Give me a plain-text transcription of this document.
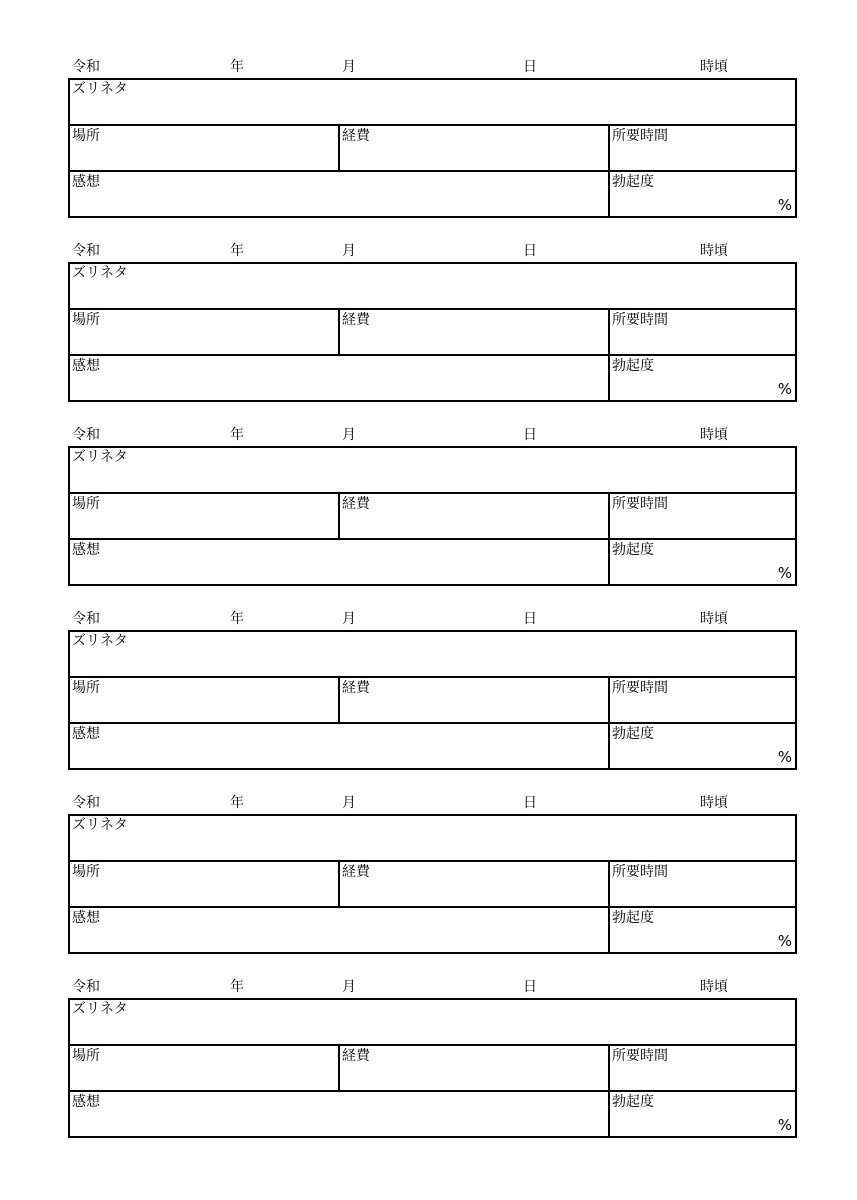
令和	年	月	日	時頃
ズリネタ
場所	経費	所要時間
感想	勃起度
%
令和	年	月	日	時頃
ズリネタ
場所	経費	所要時間
感想	勃起度
%
令和	年	月	日	時頃
ズリネタ
場所	経費	所要時間
感想	勃起度
%
令和	年	月	日	時頃
ズリネタ
場所	経費	所要時間
感想	勃起度
%
令和	年	月	日	時頃
ズリネタ
場所	経費	所要時間
感想	勃起度
%
令和	年	月	日	時頃
ズリネタ
場所	経費	所要時間
感想	勃起度
%
